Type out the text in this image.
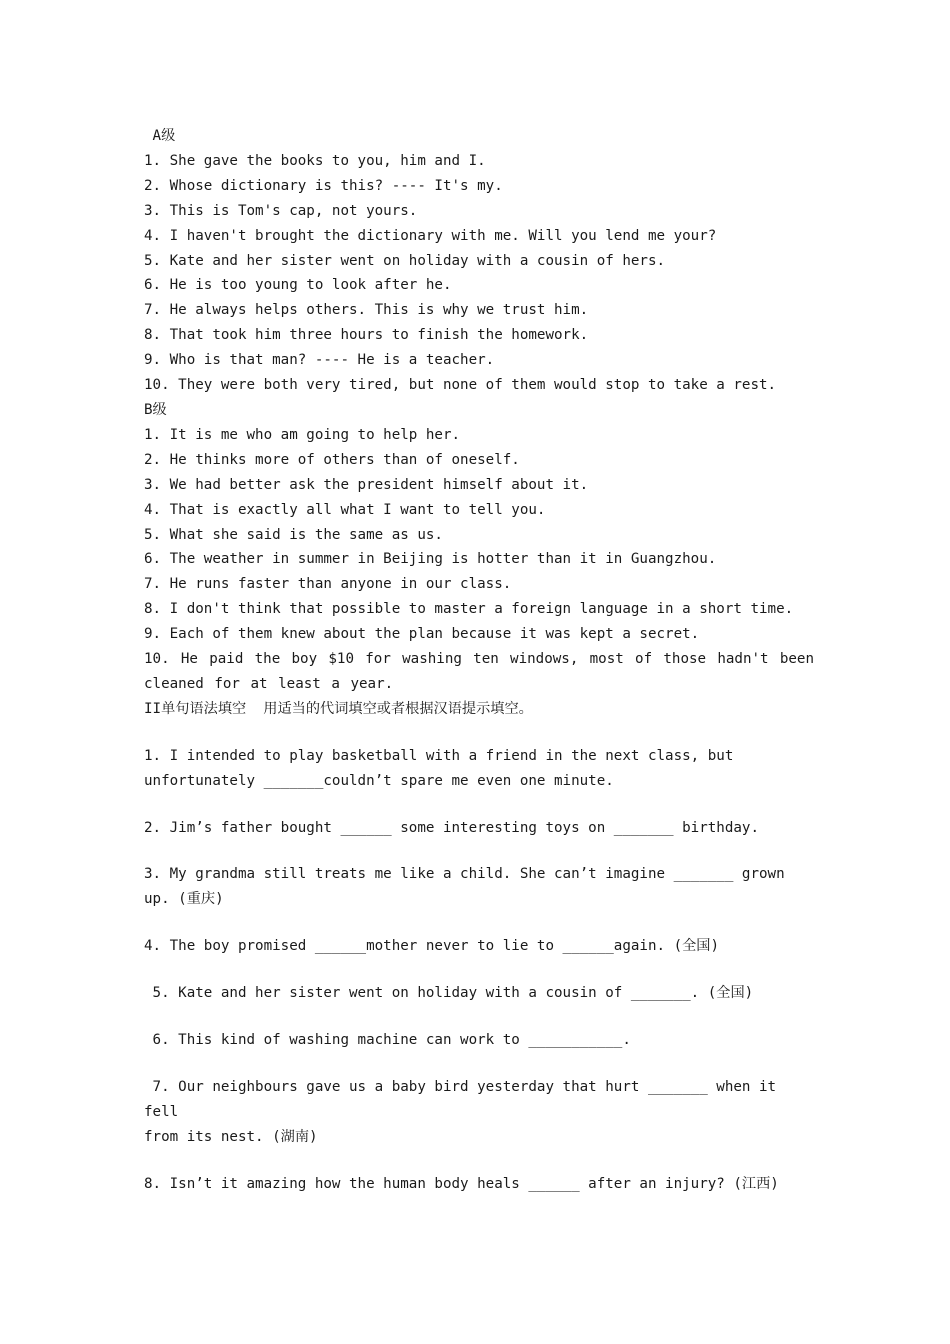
A级
1. She gave the books to you, him and I.
2. Whose dictionary is this? ---- It's my.
3. This is Tom's cap, not yours.
4. I haven't brought the dictionary with me. Will you lend me your?
5. Kate and her sister went on holiday with a cousin of hers.
6. He is too young to look after he.
7. He always helps others. This is why we trust him.
8. That took him three hours to finish the homework.
9. Who is that man? ---- He is a teacher.
10. They were both very tired, but none of them would stop to take a rest.
B级
1. It is me who am going to help her.
2. He thinks more of others than of oneself.
3. We had better ask the president himself about it.
4. That is exactly all what I want to tell you.
5. What she said is the same as us.
6. The weather in summer in Beijing is hotter than it in Guangzhou.
7. He runs faster than anyone in our class.
8. I don't think that possible to master a foreign language in a short time.
9. Each of them knew about the plan because it was kept a secret.
10. He paid the boy $10 for washing ten windows, most of those hadn't been cleaned for at least a year.
II单句语法填空  用适当的代词填空或者根据汉语提示填空。
1. I intended to play basketball with a friend in the next class, but
unfortunately _______couldn’t spare me even one minute.
2. Jim’s father bought ______ some interesting toys on _______ birthday.
3. My grandma still treats me like a child. She can’t imagine _______ grown
up. (重庆)
4. The boy promised ______mother never to lie to ______again. (全国)
5. Kate and her sister went on holiday with a cousin of _______. (全国)
6. This kind of washing machine can work to ___________.
7. Our neighbours gave us a baby bird yesterday that hurt _______ when it fell
from its nest. (湖南)
8. Isn’t it amazing how the human body heals ______ after an injury? (江西)
